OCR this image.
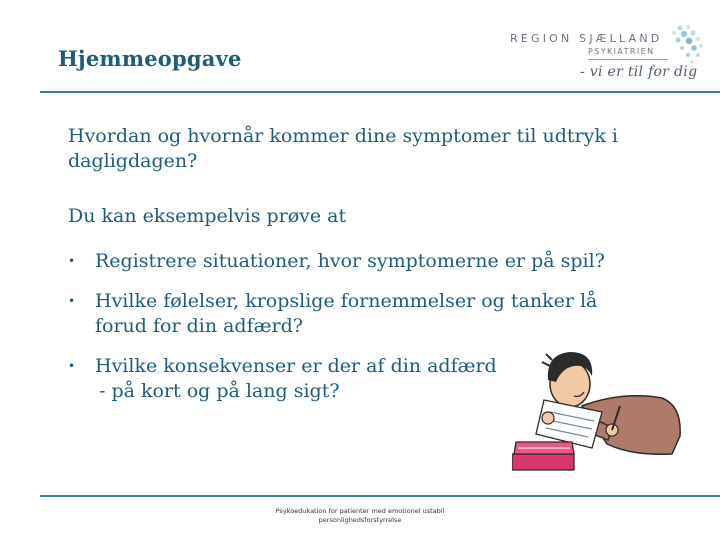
Hjemmeopgave
REGION SJÆLLAND
PSYKIATRIEN
- vi er til for dig

Hvordan og hvornår kommer dine symptomer til udtryk i dagligdagen?

Du kan eksempelvis prøve at

• Registrere situationer, hvor symptomerne er på spil?
• Hvilke følelser, kropslige fornemmelser og tanker lå forud for din adfærd?
• Hvilke konsekvenser er der af din adfærd
- på kort og på lang sigt?
Psykoedukation for patienter med emotionel ustabil
personlighedsforstyrrelse
